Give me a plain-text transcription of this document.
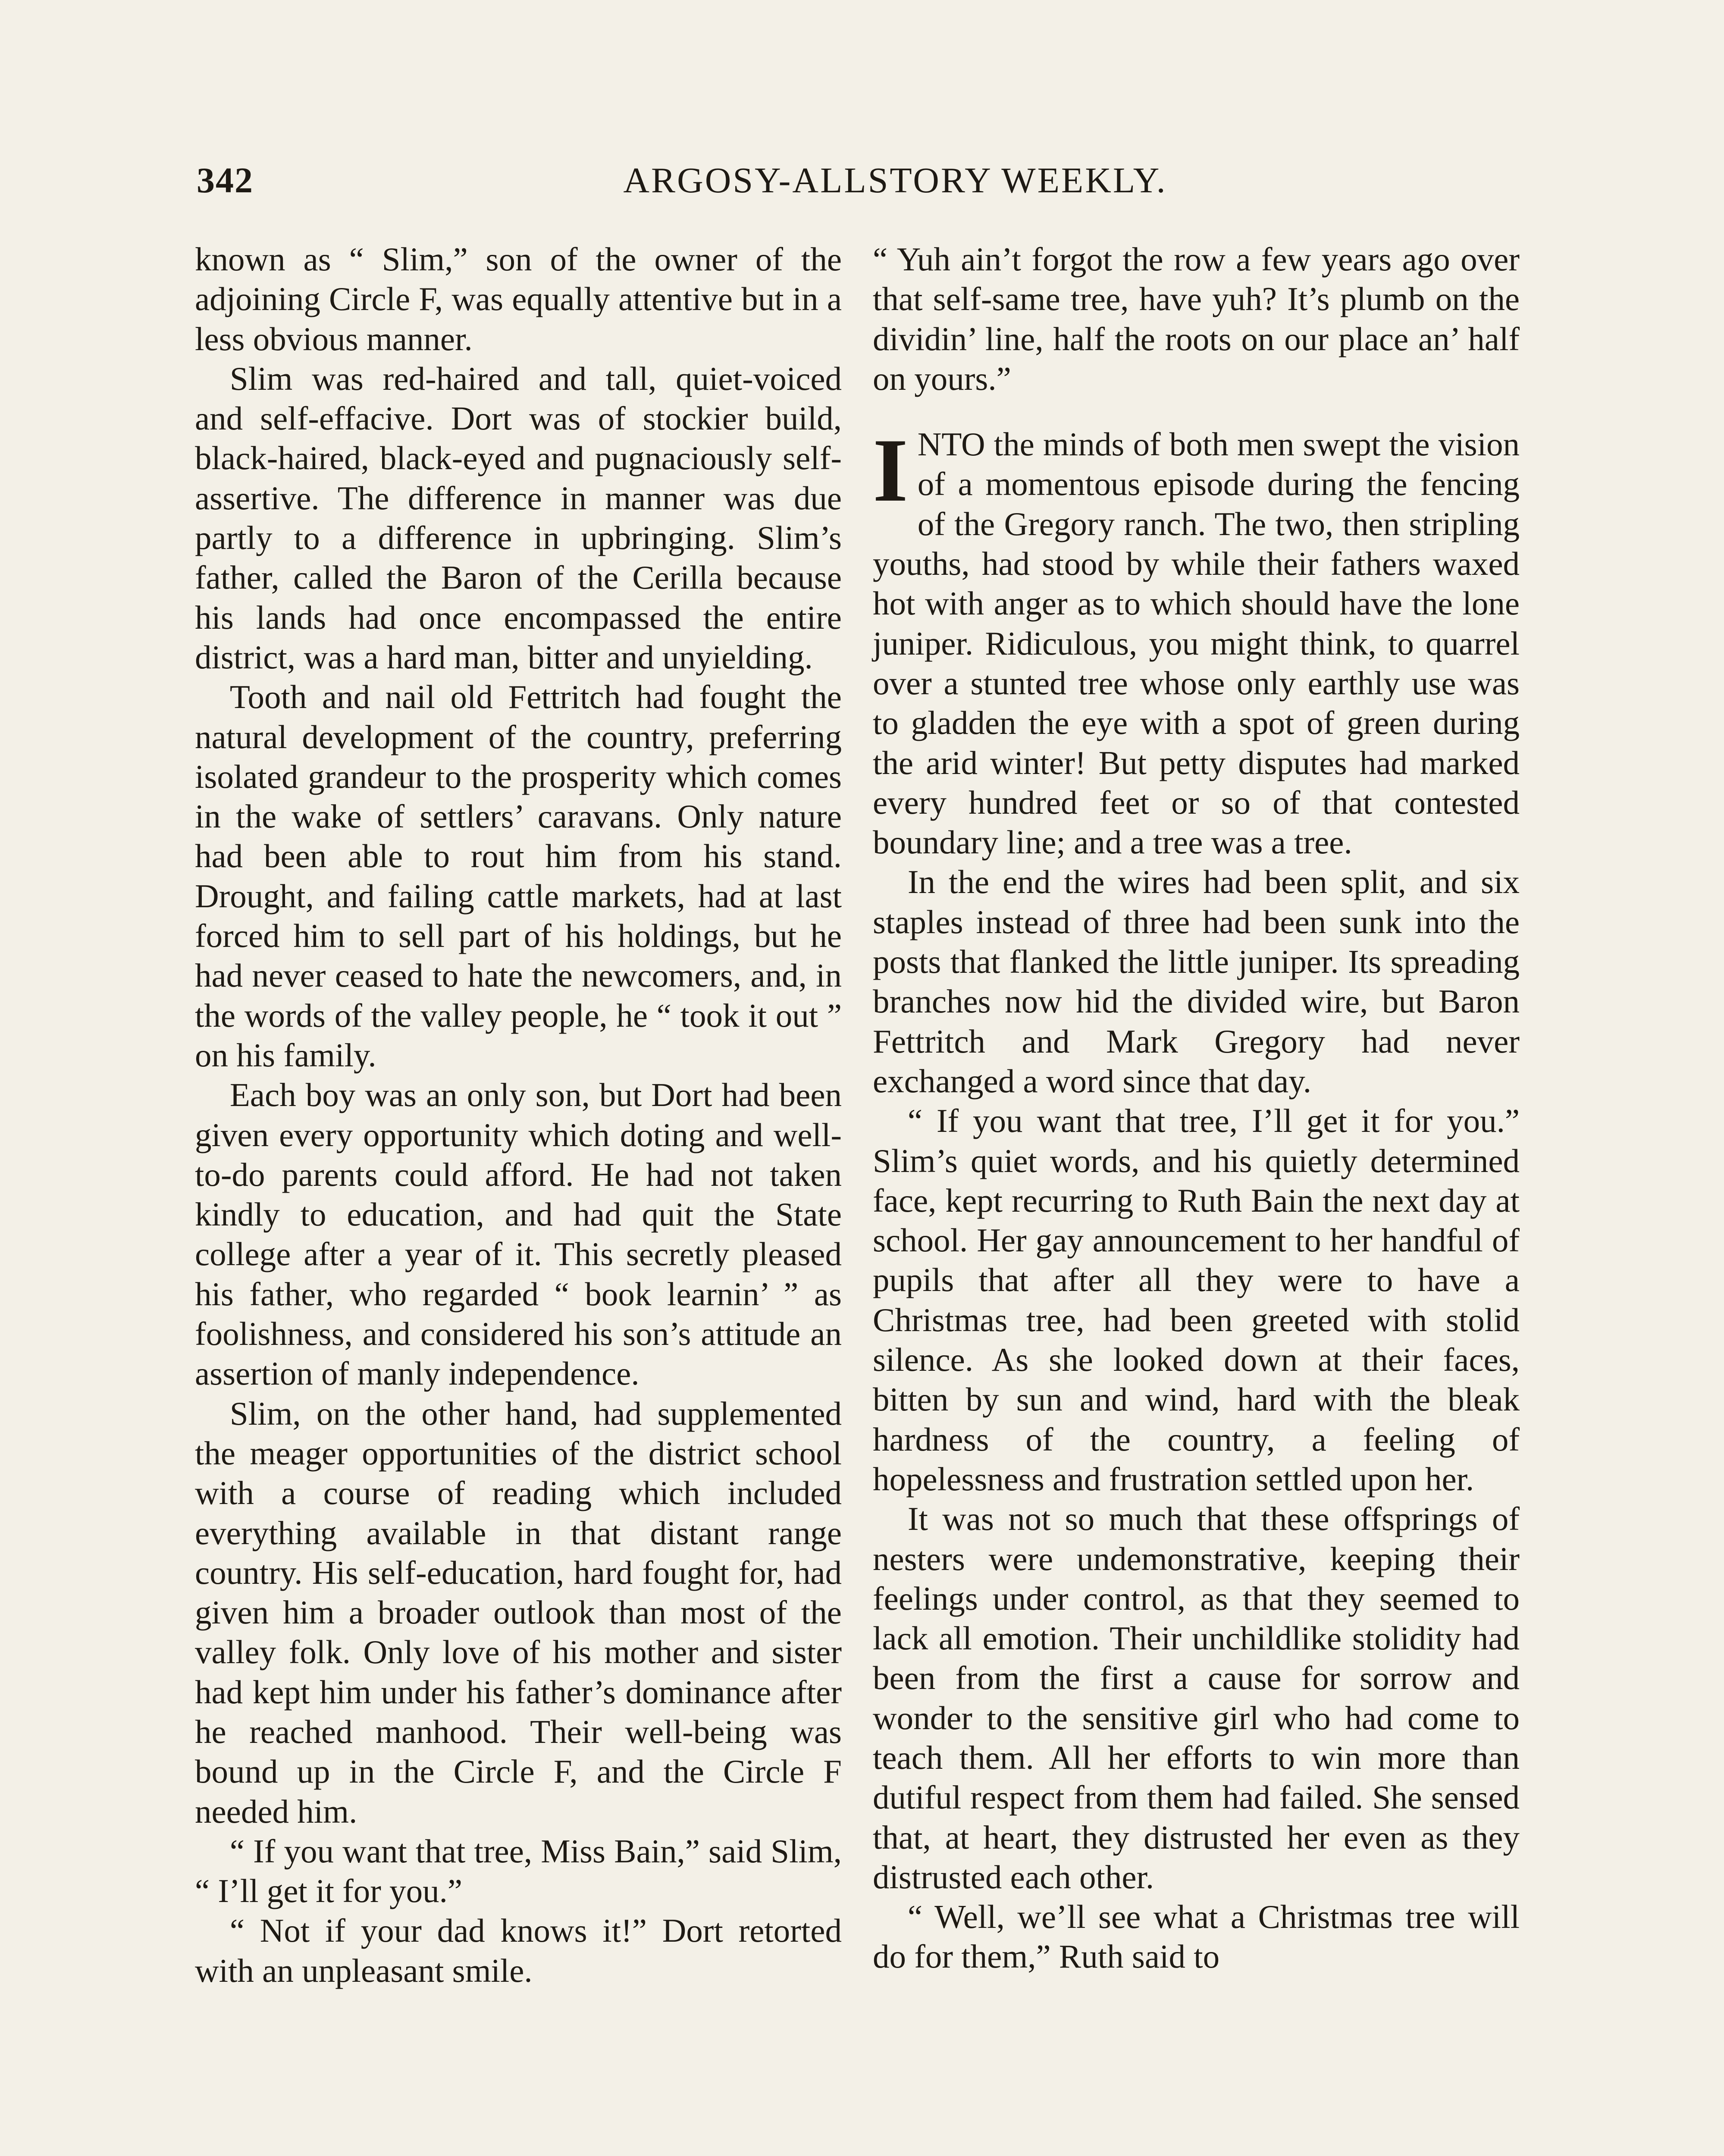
342	ARGOSY-ALLSTORY WEEKLY.

known as “ Slim,” son of the owner of the adjoining Circle F, was equally attentive but in a less obvious manner.

Slim was red-haired and tall, quiet-voiced and self-effacive. Dort was of stockier build, black-haired, black-eyed and pugnaciously self-assertive. The difference in manner was due partly to a difference in upbringing. Slim’s father, called the Baron of the Cerilla because his lands had once encompassed the entire district, was a hard man, bitter and unyielding.

Tooth and nail old Fettritch had fought the natural development of the country, preferring isolated grandeur to the prosperity which comes in the wake of settlers’ caravans. Only nature had been able to rout him from his stand. Drought, and failing cattle markets, had at last forced him to sell part of his holdings, but he had never ceased to hate the newcomers, and, in the words of the valley people, he “ took it out ” on his family.

Each boy was an only son, but Dort had been given every opportunity which doting and well-to-do parents could afford. He had not taken kindly to education, and had quit the State college after a year of it. This secretly pleased his father, who regarded “ book learnin’ ” as foolishness, and considered his son’s attitude an assertion of manly independence.

Slim, on the other hand, had supplemented the meager opportunities of the district school with a course of reading which included everything available in that distant range country. His self-education, hard fought for, had given him a broader outlook than most of the valley folk. Only love of his mother and sister had kept him under his father’s dominance after he reached manhood. Their well-being was bound up in the Circle F, and the Circle F needed him.

“ If you want that tree, Miss Bain,” said Slim, “ I’ll get it for you.”

“ Not if your dad knows it!” Dort retorted with an unpleasant smile.

“ Yuh ain’t forgot the row a few years ago over that self-same tree, have yuh? It’s plumb on the dividin’ line, half the roots on our place an’ half on yours.”

INTO the minds of both men swept the vision of a momentous episode during the fencing of the Gregory ranch. The two, then stripling youths, had stood by while their fathers waxed hot with anger as to which should have the lone juniper. Ridiculous, you might think, to quarrel over a stunted tree whose only earthly use was to gladden the eye with a spot of green during the arid winter! But petty disputes had marked every hundred feet or so of that contested boundary line; and a tree was a tree.

In the end the wires had been split, and six staples instead of three had been sunk into the posts that flanked the little juniper. Its spreading branches now hid the divided wire, but Baron Fettritch and Mark Gregory had never exchanged a word since that day.

“ If you want that tree, I’ll get it for you.” Slim’s quiet words, and his quietly determined face, kept recurring to Ruth Bain the next day at school. Her gay announcement to her handful of pupils that after all they were to have a Christmas tree, had been greeted with stolid silence. As she looked down at their faces, bitten by sun and wind, hard with the bleak hardness of the country, a feeling of hopelessness and frustration settled upon her.

It was not so much that these offsprings of nesters were undemonstrative, keeping their feelings under control, as that they seemed to lack all emotion. Their unchildlike stolidity had been from the first a cause for sorrow and wonder to the sensitive girl who had come to teach them. All her efforts to win more than dutiful respect from them had failed. She sensed that, at heart, they distrusted her even as they distrusted each other.

“ Well, we’ll see what a Christmas tree will do for them,” Ruth said to
